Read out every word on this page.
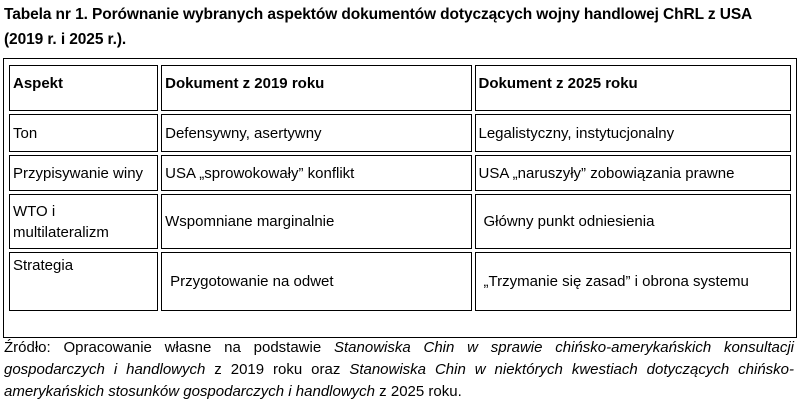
Tabela nr 1. Porównanie wybranych aspektów dokumentów dotyczących wojny handlowej ChRL z USA (2019 r. i 2025 r.).
Aspekt	Dokument z 2019 roku	Dokument z 2025 roku
Ton	Defensywny, asertywny	Legalistyczny, instytucjonalny
Przypisywanie winy	USA „sprowokowały” konflikt	USA „naruszyły” zobowiązania prawne
WTO i multilateralizm	Wspomniane marginalnie	Główny punkt odniesienia
Strategia	Przygotowanie na odwet	„Trzymanie się zasad” i obrona systemu
Źródło: Opracowanie własne na podstawie Stanowiska Chin w sprawie chińsko-amerykańskich konsultacji gospodarczych i handlowych z 2019 roku oraz Stanowiska Chin w niektórych kwestiach dotyczących chińsko-amerykańskich stosunków gospodarczych i handlowych z 2025 roku.
